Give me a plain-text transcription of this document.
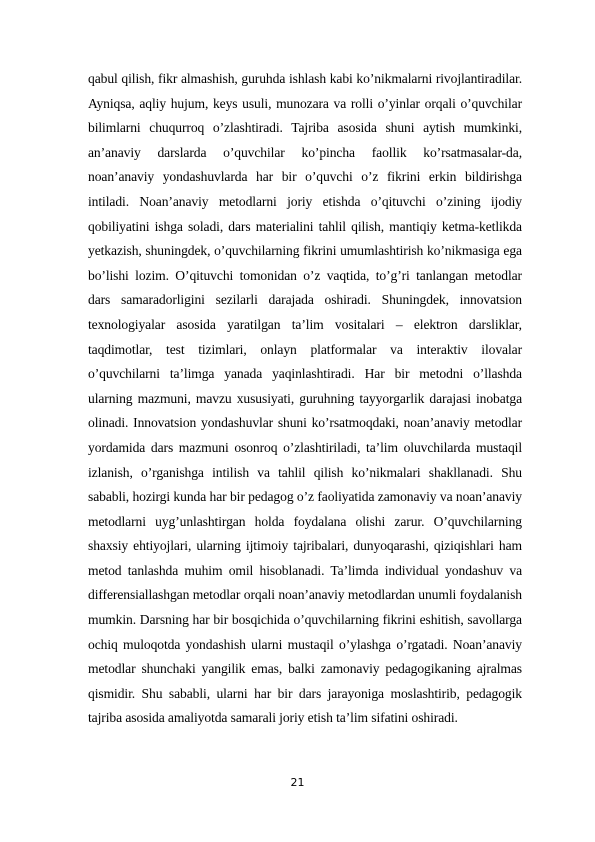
qabul qilish, fikr almashish, guruhda ishlash kabi ko’nikmalarni rivojlantiradilar. Ayniqsa, aqliy hujum, keys usuli, munozara va rolli o’yinlar orqali o’quvchilar bilimlarni chuqurroq o’zlashtiradi. Tajriba asosida shuni aytish mumkinki, an’anaviy darslarda o’quvchilar ko’pincha faollik ko’rsatmasalar-da, noan’anaviy yondashuvlarda har bir o’quvchi o’z fikrini erkin bildirishga intiladi. Noan’anaviy metodlarni joriy etishda o’qituvchi o’zining ijodiy qobiliyatini ishga soladi, dars materialini tahlil qilish, mantiqiy ketma-ketlikda yetkazish, shuningdek, o’quvchilarning fikrini umumlashtirish ko’nikmasiga ega bo’lishi lozim. O’qituvchi tomonidan o’z vaqtida, to’g’ri tanlangan metodlar dars samaradorligini sezilarli darajada oshiradi. Shuningdek, innovatsion texnologiyalar asosida yaratilgan ta’lim vositalari – elektron darsliklar, taqdimotlar, test tizimlari, onlayn platformalar va interaktiv ilovalar o’quvchilarni ta’limga yanada yaqinlashtiradi. Har bir metodni o’llashda ularning mazmuni, mavzu xususiyati, guruhning tayyorgarlik darajasi inobatga olinadi. Innovatsion yondashuvlar shuni ko’rsatmoqdaki, noan’anaviy metodlar yordamida dars mazmuni osonroq o’zlashtiriladi, ta’lim oluvchilarda mustaqil izlanish, o’rganishga intilish va tahlil qilish ko’nikmalari shakllanadi. Shu sababli, hozirgi kunda har bir pedagog o’z faoliyatida zamonaviy va noan’anaviy metodlarni uyg’unlashtirgan holda foydalana olishi zarur. O’quvchilarning shaxsiy ehtiyojlari, ularning ijtimoiy tajribalari, dunyoqarashi, qiziqishlari ham metod tanlashda muhim omil hisoblanadi. Ta’limda individual yondashuv va differensiallashgan metodlar orqali noan’anaviy metodlardan unumli foydalanish mumkin. Darsning har bir bosqichida o’quvchilarning fikrini eshitish, savollarga ochiq muloqotda yondashish ularni mustaqil o’ylashga o’rgatadi. Noan’anaviy metodlar shunchaki yangilik emas, balki zamonaviy pedagogikaning ajralmas qismidir. Shu sababli, ularni har bir dars jarayoniga moslashtirib, pedagogik tajriba asosida amaliyotda samarali joriy etish ta’lim sifatini oshiradi.

21
